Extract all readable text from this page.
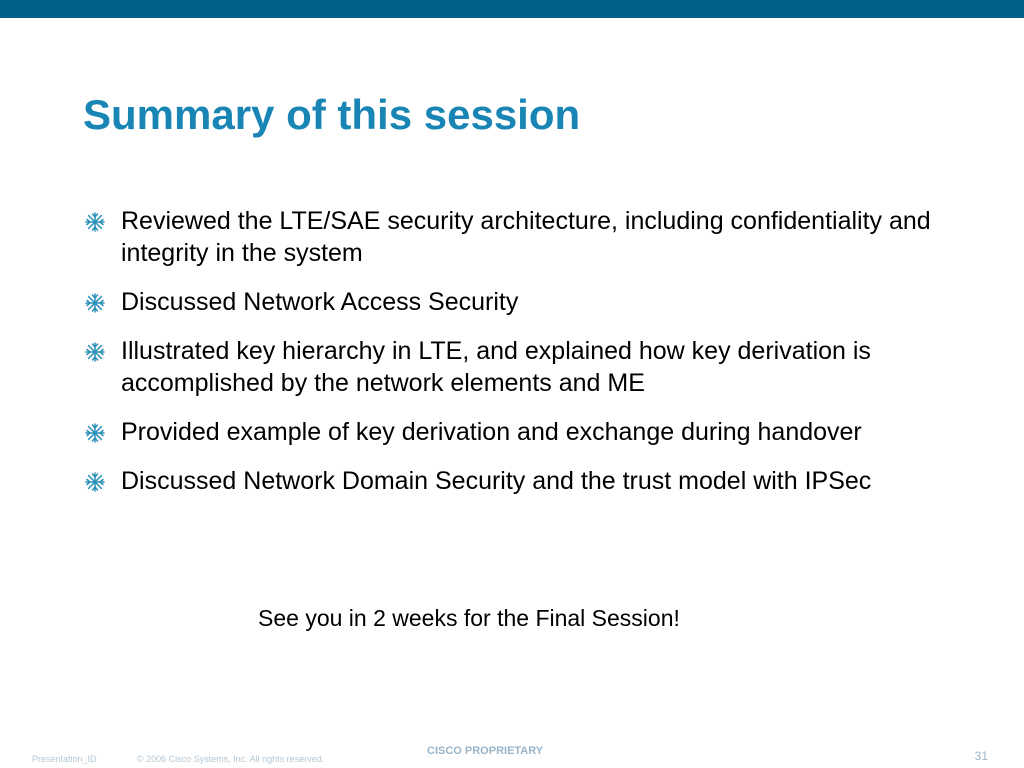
Summary of this session
Reviewed the LTE/SAE security architecture, including confidentiality and integrity in the system
Discussed Network Access Security
Illustrated key hierarchy in LTE, and explained how key derivation is accomplished by the network elements and ME
Provided example of key derivation and exchange during handover
Discussed Network Domain Security and the trust model with IPSec

See you in 2 weeks for the Final Session!

Presentation_ID	© 2006 Cisco Systems, Inc. All rights reserved.
CISCO PROPRIETARY	31
